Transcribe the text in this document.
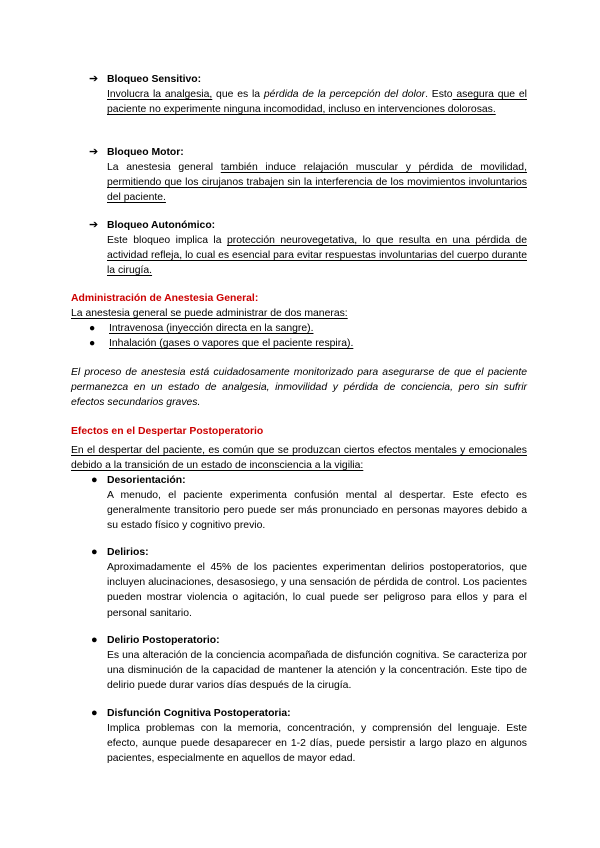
➔ Bloqueo Sensitivo:
Involucra la analgesia, que es la pérdida de la percepción del dolor. Esto asegura que el paciente no experimente ninguna incomodidad, incluso en intervenciones dolorosas.
➔ Bloqueo Motor:
La anestesia general también induce relajación muscular y pérdida de movilidad, permitiendo que los cirujanos trabajen sin la interferencia de los movimientos involuntarios del paciente.
➔ Bloqueo Autonómico:
Este bloqueo implica la protección neurovegetativa, lo que resulta en una pérdida de actividad refleja, lo cual es esencial para evitar respuestas involuntarias del cuerpo durante la cirugía.
Administración de Anestesia General:
La anestesia general se puede administrar de dos maneras:
● Intravenosa (inyección directa en la sangre).
● Inhalación (gases o vapores que el paciente respira).
El proceso de anestesia está cuidadosamente monitorizado para asegurarse de que el paciente permanezca en un estado de analgesia, inmovilidad y pérdida de conciencia, pero sin sufrir efectos secundarios graves.
Efectos en el Despertar Postoperatorio
En el despertar del paciente, es común que se produzcan ciertos efectos mentales y emocionales debido a la transición de un estado de inconsciencia a la vigilia:
● Desorientación:
A menudo, el paciente experimenta confusión mental al despertar. Este efecto es generalmente transitorio pero puede ser más pronunciado en personas mayores debido a su estado físico y cognitivo previo.
● Delirios:
Aproximadamente el 45% de los pacientes experimentan delirios postoperatorios, que incluyen alucinaciones, desasosiego, y una sensación de pérdida de control. Los pacientes pueden mostrar violencia o agitación, lo cual puede ser peligroso para ellos y para el personal sanitario.
● Delirio Postoperatorio:
Es una alteración de la conciencia acompañada de disfunción cognitiva. Se caracteriza por una disminución de la capacidad de mantener la atención y la concentración. Este tipo de delirio puede durar varios días después de la cirugía.
● Disfunción Cognitiva Postoperatoria:
Implica problemas con la memoria, concentración, y comprensión del lenguaje. Este efecto, aunque puede desaparecer en 1-2 días, puede persistir a largo plazo en algunos pacientes, especialmente en aquellos de mayor edad.
